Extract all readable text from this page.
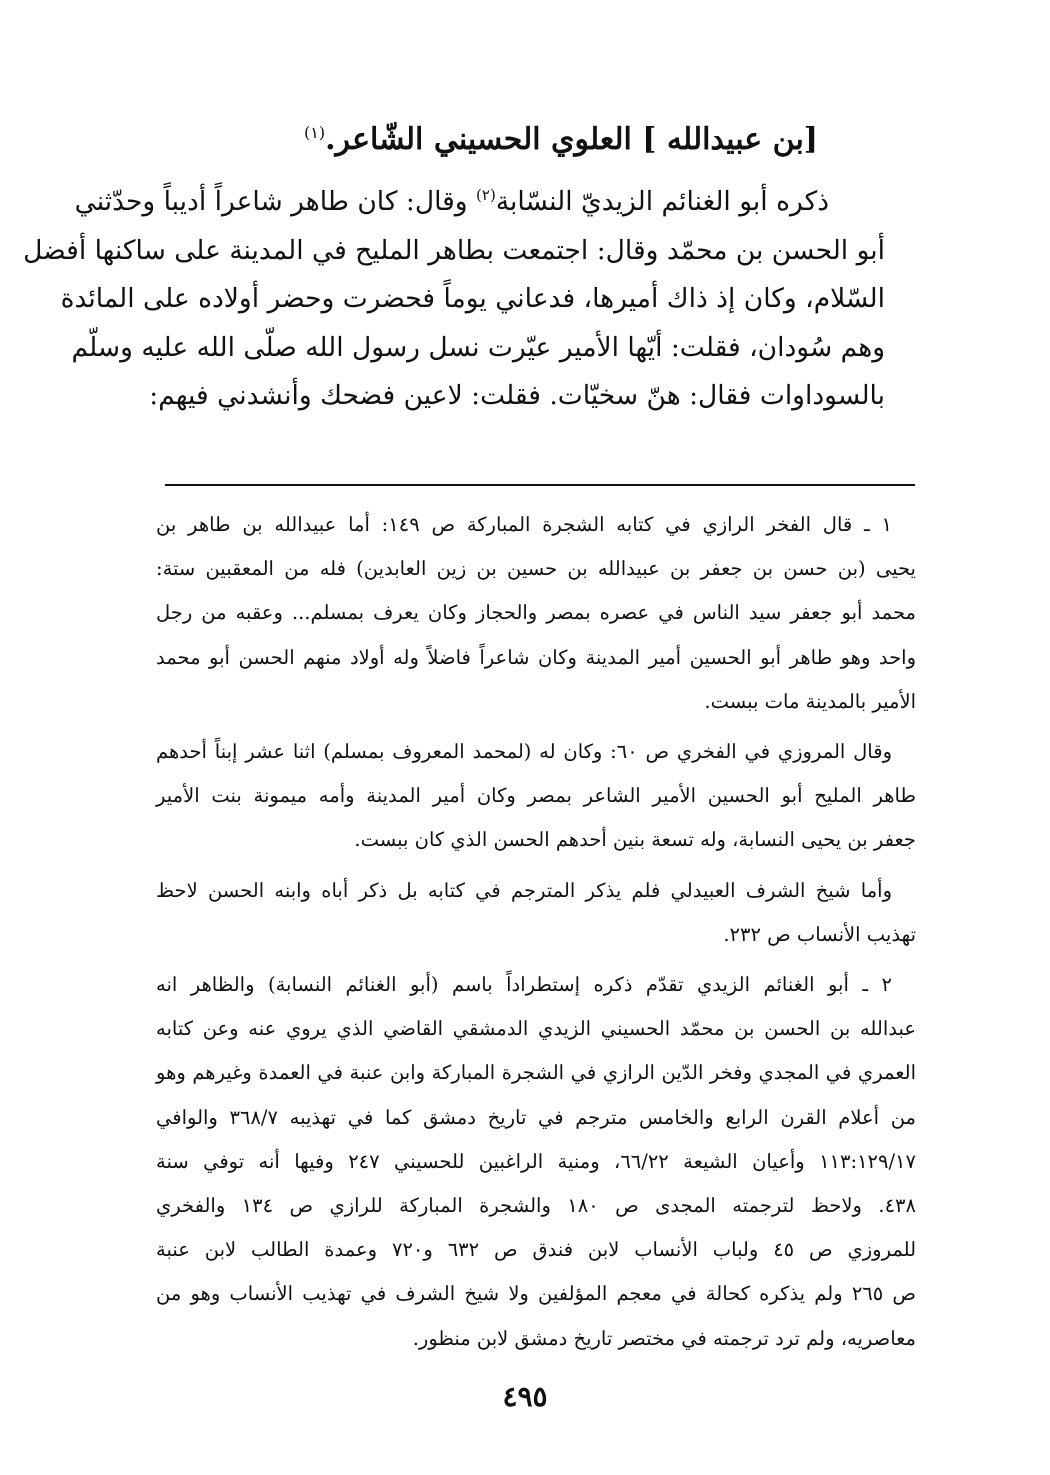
[بن عبيدالله ] العلوي الحسيني الشّاعر.$^{(١)}$
ذكره أبو الغنائم الزيديّ النسّابة$^{(٢)}$ وقال: كان طاهر شاعراً أديباً وحدّثني
أبو الحسن بن محمّد وقال: اجتمعت بطاهر المليح في المدينة على ساكنها أفضل
السّلام، وكان إذ ذاك أميرها، فدعاني يوماً فحضرت وحضر أولاده على المائدة
وهم سُودان، فقلت: أيّها الأمير عيّرت نسل رسول الله صلّى الله عليه وسلّم
بالسوداوات فقال: هنّ سخيّات. فقلت: لاعين فضحك وأنشدني فيهم:
١ ـ قال الفخر الرازي في كتابه الشجرة المباركة ص ١٤٩: أما عبيدالله بن طاهر بن
يحيى (بن حسن بن جعفر بن عبيدالله بن حسين بن زين العابدين) فله من المعقبين ستة:
محمد أبو جعفر سيد الناس في عصره بمصر والحجاز وكان يعرف بمسلم... وعقبه من رجل
واحد وهو طاهر أبو الحسين أمير المدينة وكان شاعراً فاضلاً وله أولاد منهم الحسن أبو محمد
الأمير بالمدينة مات ببست.
وقال المروزي في الفخري ص ٦٠: وكان له (لمحمد المعروف بمسلم) اثنا عشر إبناً أحدهم
طاهر المليح أبو الحسين الأمير الشاعر بمصر وكان أمير المدينة وأمه ميمونة بنت الأمير
جعفر بن يحيى النسابة، وله تسعة بنين أحدهم الحسن الذي كان ببست.
وأما شيخ الشرف العبيدلي فلم يذكر المترجم في كتابه بل ذكر أباه وابنه الحسن لاحظ
تهذيب الأنساب ص ٢٣٢.
٢ ـ أبو الغنائم الزيدي تقدّم ذكره إستطراداً باسم (أبو الغنائم النسابة) والظاهر انه
عبدالله بن الحسن بن محمّد الحسيني الزيدي الدمشقي القاضي الذي يروي عنه وعن كتابه
العمري في المجدي وفخر الدّين الرازي في الشجرة المباركة وابن عنبة في العمدة وغيرهم وهو
من أعلام القرن الرابع والخامس مترجم في تاريخ دمشق كما في تهذيبه ٣٦٨/٧ والوافي
١١٣:١٢٩/١٧ وأعيان الشيعة ٦٦/٢٢، ومنية الراغبين للحسيني ٢٤٧ وفيها أنه توفي سنة
٤٣٨. ولاحظ لترجمته المجدى ص ١٨٠ والشجرة المباركة للرازي ص ١٣٤ والفخري
للمروزي ص ٤٥ ولباب الأنساب لابن فندق ص ٦٣٢ و٧٢٠ وعمدة الطالب لابن عنبة
ص ٢٦٥ ولم يذكره كحالة في معجم المؤلفين ولا شيخ الشرف في تهذيب الأنساب وهو من
معاصريه، ولم ترد ترجمته في مختصر تاريخ دمشق لابن منظور.
٤٩٥
